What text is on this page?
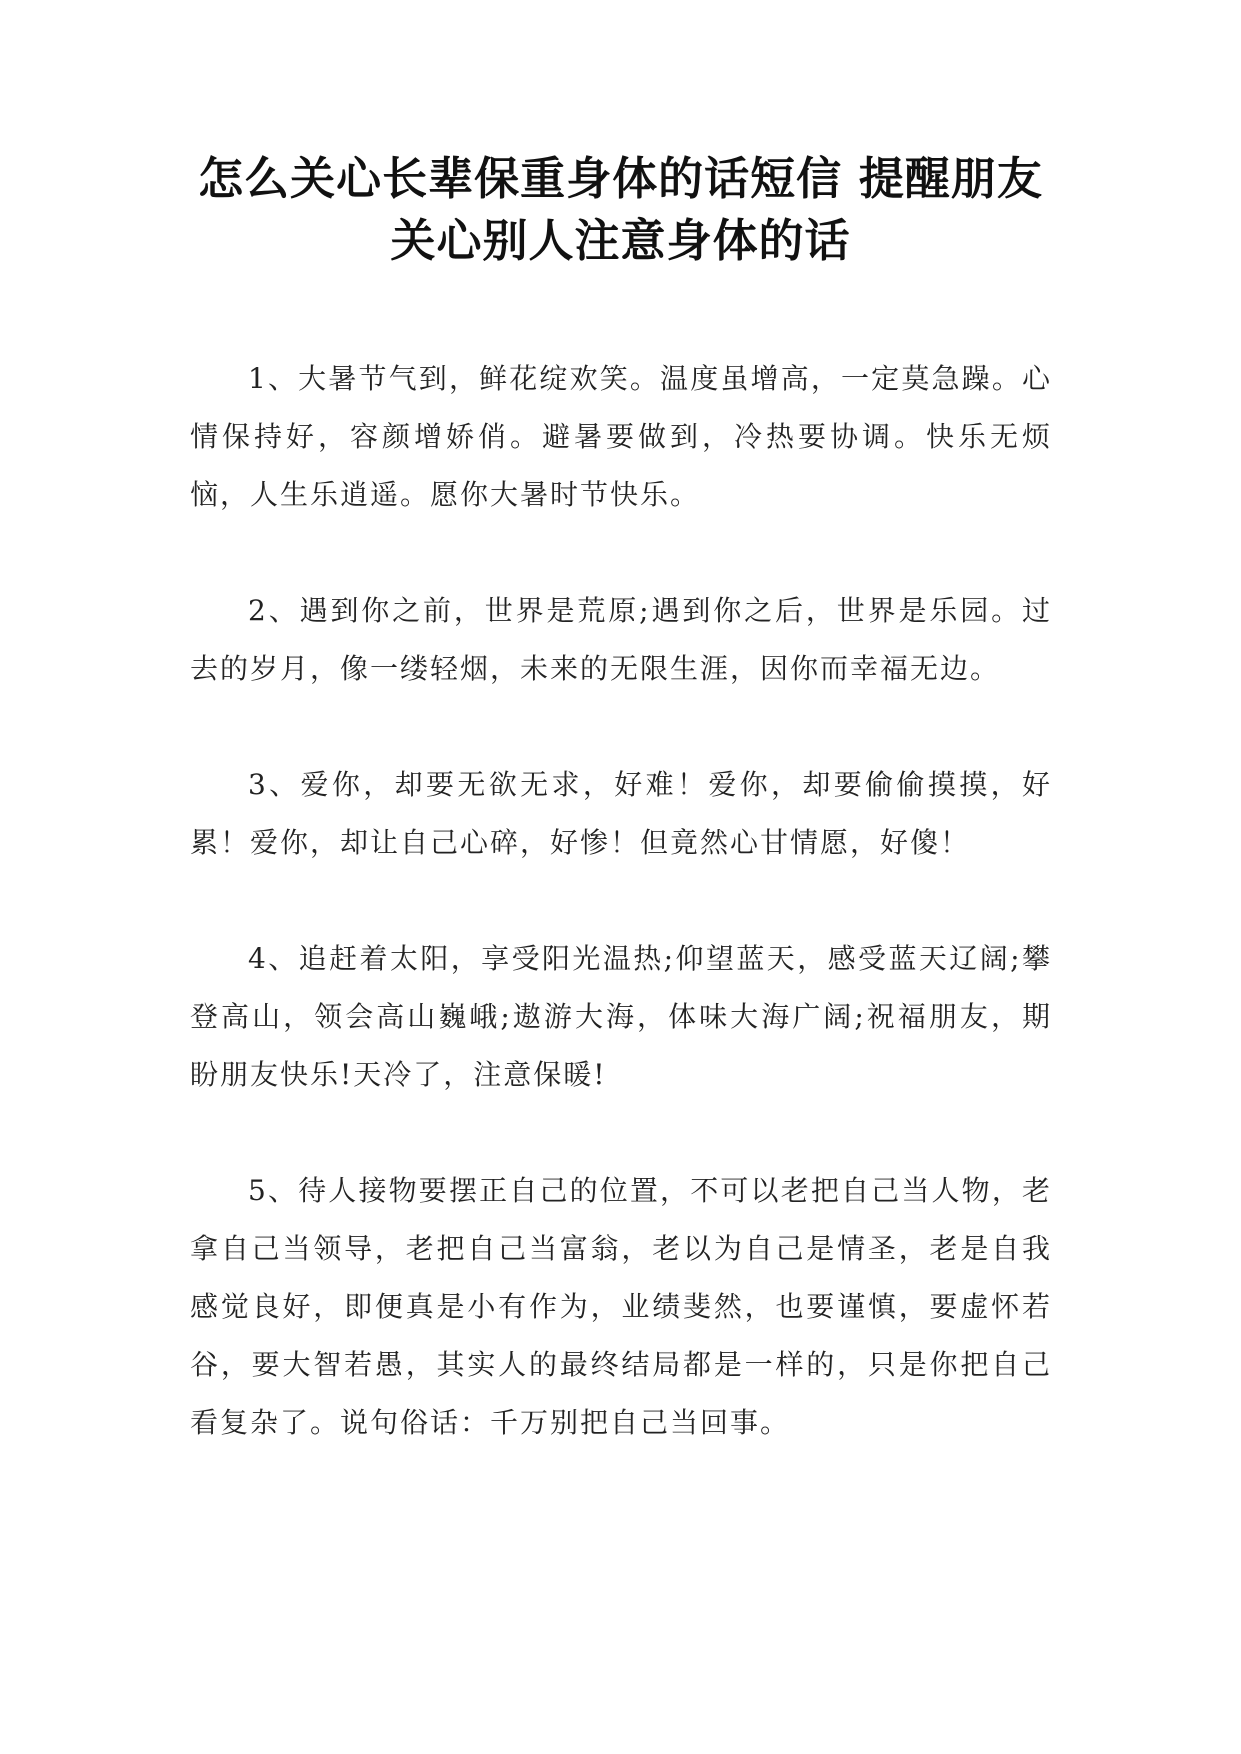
怎么关心长辈保重身体的话短信 提醒朋友
关心别人注意身体的话

1、大暑节气到，鲜花绽欢笑。温度虽增高，一定莫急躁。心情保持好，容颜增娇俏。避暑要做到，冷热要协调。快乐无烦恼，人生乐逍遥。愿你大暑时节快乐。

2、遇到你之前，世界是荒原;遇到你之后，世界是乐园。过去的岁月，像一缕轻烟，未来的无限生涯，因你而幸福无边。

3、爱你，却要无欲无求，好难！爱你，却要偷偷摸摸，好累！爱你，却让自己心碎，好惨！但竟然心甘情愿，好傻！

4、追赶着太阳，享受阳光温热;仰望蓝天，感受蓝天辽阔;攀登高山，领会高山巍峨;遨游大海，体味大海广阔;祝福朋友，期盼朋友快乐!天冷了，注意保暖!

5、待人接物要摆正自己的位置，不可以老把自己当人物，老拿自己当领导，老把自己当富翁，老以为自己是情圣，老是自我感觉良好，即便真是小有作为，业绩斐然，也要谨慎，要虚怀若谷，要大智若愚，其实人的最终结局都是一样的，只是你把自己看复杂了。说句俗话：千万别把自己当回事。
